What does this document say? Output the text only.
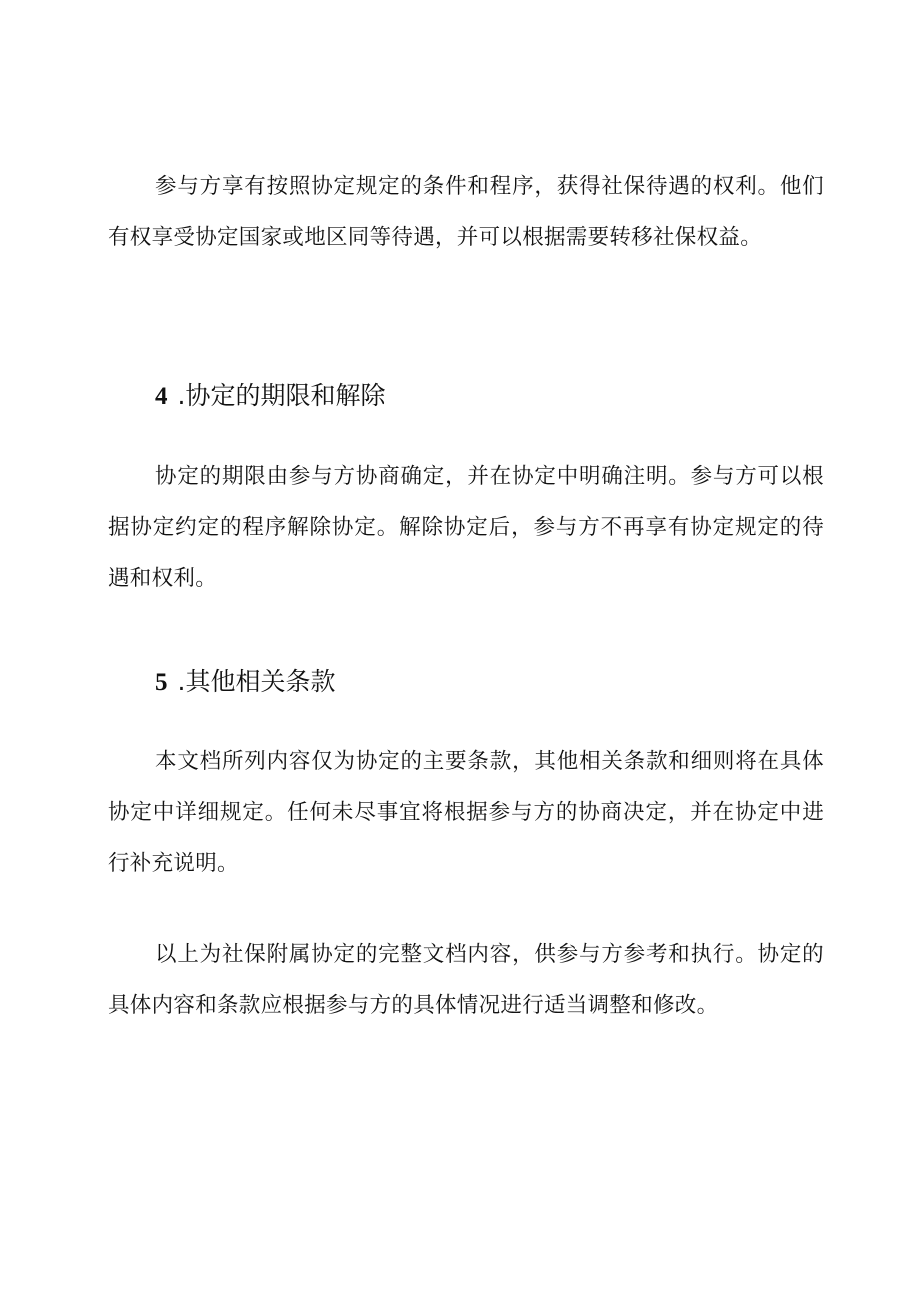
参与方享有按照协定规定的条件和程序，获得社保待遇的权利。他们有权享受协定国家或地区同等待遇，并可以根据需要转移社保权益。

4 .协定的期限和解除

协定的期限由参与方协商确定，并在协定中明确注明。参与方可以根据协定约定的程序解除协定。解除协定后，参与方不再享有协定规定的待遇和权利。

5 .其他相关条款

本文档所列内容仅为协定的主要条款，其他相关条款和细则将在具体协定中详细规定。任何未尽事宜将根据参与方的协商决定，并在协定中进行补充说明。

以上为社保附属协定的完整文档内容，供参与方参考和执行。协定的具体内容和条款应根据参与方的具体情况进行适当调整和修改。
